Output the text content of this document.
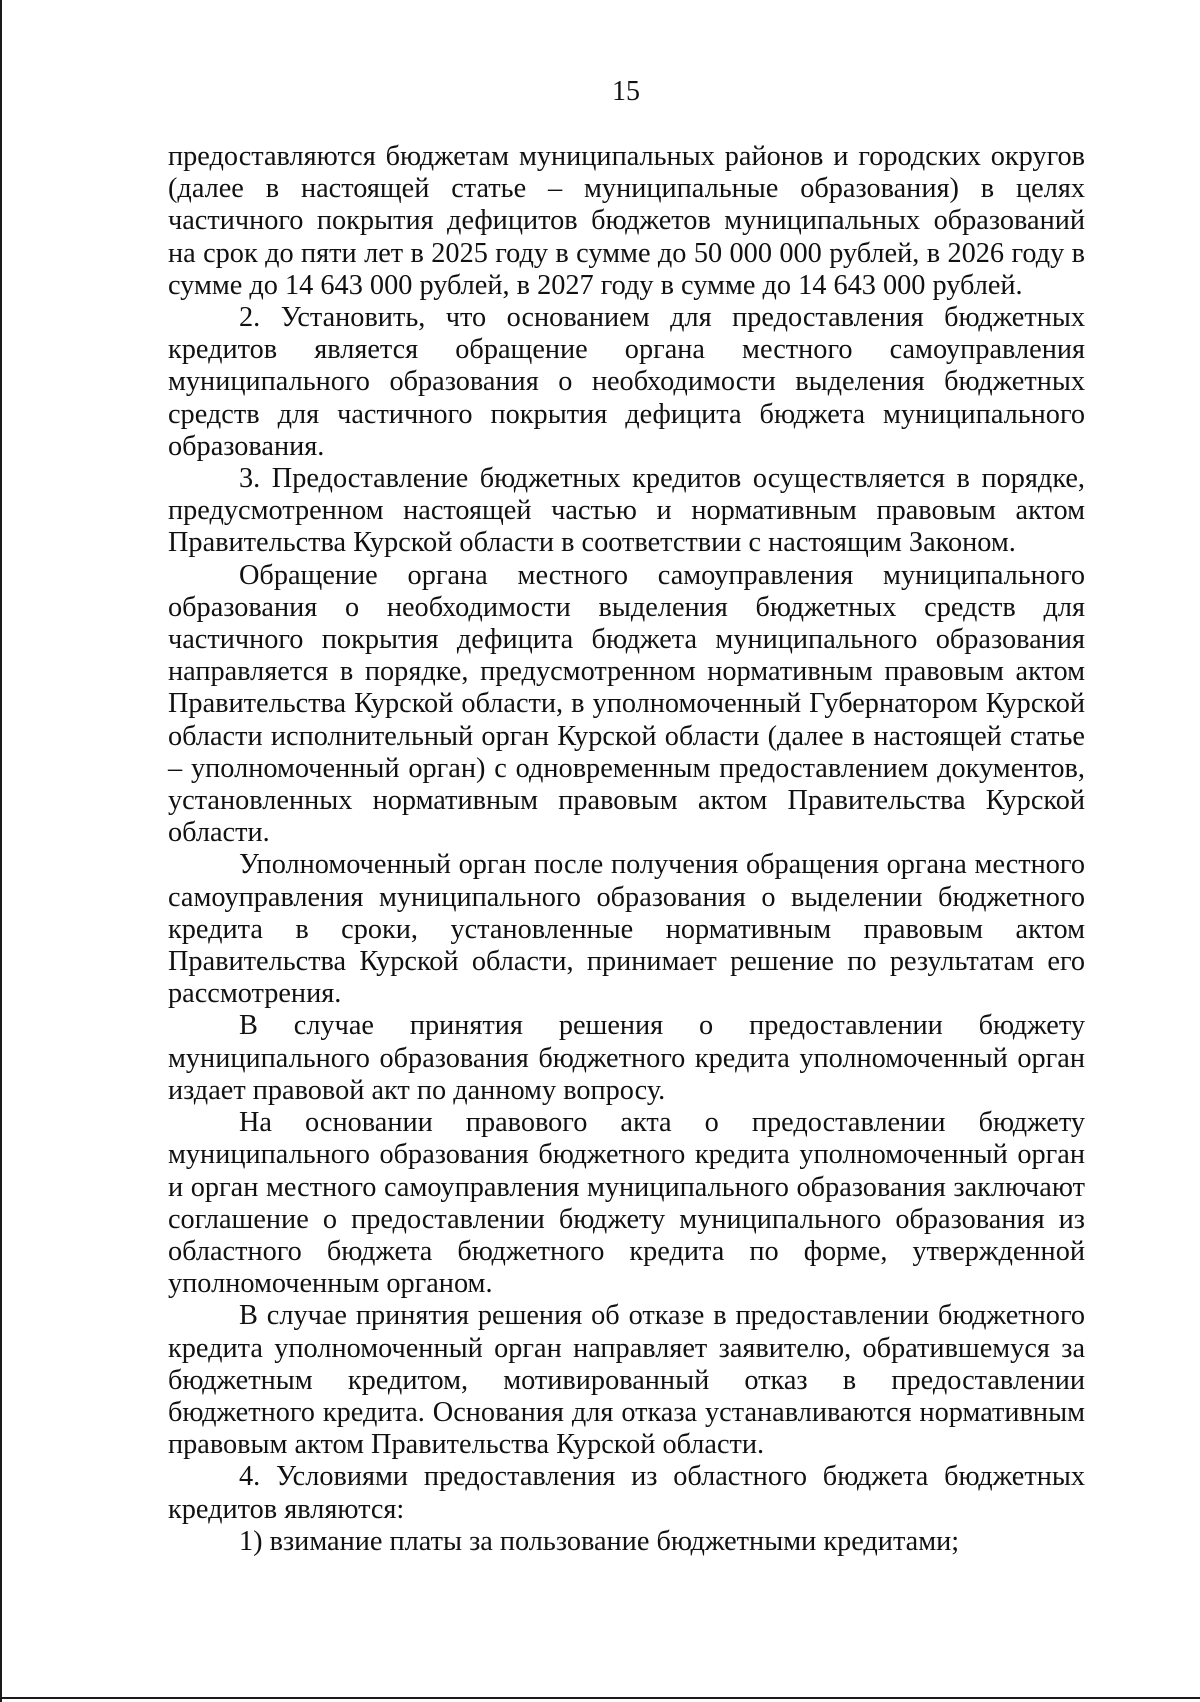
15

предоставляются бюджетам муниципальных районов и городских округов (далее в настоящей статье – муниципальные образования) в целях частичного покрытия дефицитов бюджетов муниципальных образований на срок до пяти лет в 2025 году в сумме до 50 000 000 рублей, в 2026 году в сумме до 14 643 000 рублей, в 2027 году в сумме до 14 643 000 рублей.

2. Установить, что основанием для предоставления бюджетных кредитов является обращение органа местного самоуправления муниципального образования о необходимости выделения бюджетных средств для частичного покрытия дефицита бюджета муниципального образования.

3. Предоставление бюджетных кредитов осуществляется в порядке, предусмотренном настоящей частью и нормативным правовым актом Правительства Курской области в соответствии с настоящим Законом.

Обращение органа местного самоуправления муниципального образования о необходимости выделения бюджетных средств для частичного покрытия дефицита бюджета муниципального образования направляется в порядке, предусмотренном нормативным правовым актом Правительства Курской области, в уполномоченный Губернатором Курской области исполнительный орган Курской области (далее в настоящей статье – уполномоченный орган) с одновременным предоставлением документов, установленных нормативным правовым актом Правительства Курской области.

Уполномоченный орган после получения обращения органа местного самоуправления муниципального образования о выделении бюджетного кредита в сроки, установленные нормативным правовым актом Правительства Курской области, принимает решение по результатам его рассмотрения.

В случае принятия решения о предоставлении бюджету муниципального образования бюджетного кредита уполномоченный орган издает правовой акт по данному вопросу.

На основании правового акта о предоставлении бюджету муниципального образования бюджетного кредита уполномоченный орган и орган местного самоуправления муниципального образования заключают соглашение о предоставлении бюджету муниципального образования из областного бюджета бюджетного кредита по форме, утвержденной уполномоченным органом.

В случае принятия решения об отказе в предоставлении бюджетного кредита уполномоченный орган направляет заявителю, обратившемуся за бюджетным кредитом, мотивированный отказ в предоставлении бюджетного кредита. Основания для отказа устанавливаются нормативным правовым актом Правительства Курской области.

4. Условиями предоставления из областного бюджета бюджетных кредитов являются:

1) взимание платы за пользование бюджетными кредитами;
